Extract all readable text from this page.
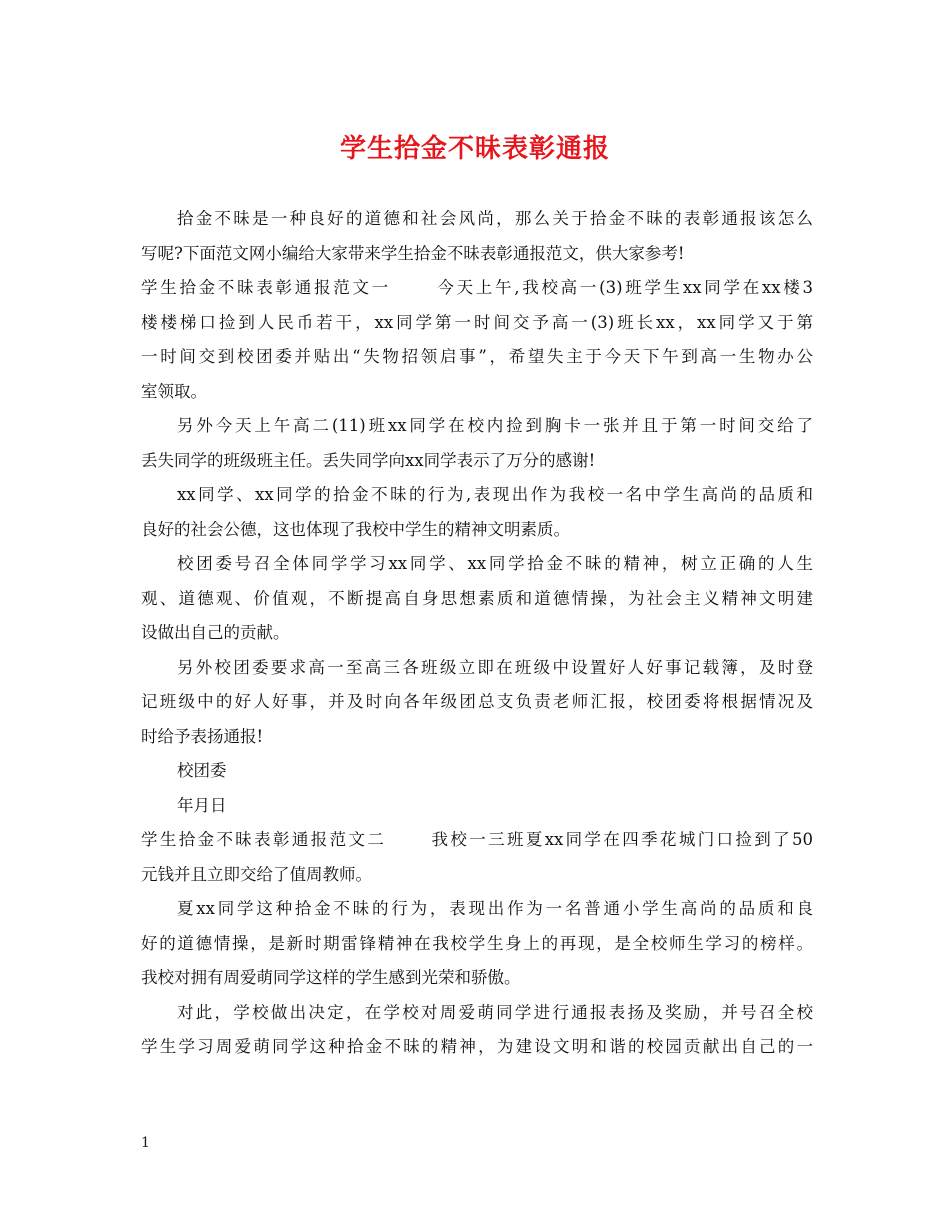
学生拾金不昧表彰通报

拾金不昧是一种良好的道德和社会风尚，那么关于拾金不昧的表彰通报该怎么

写呢?下面范文网小编给大家带来学生拾金不昧表彰通报范文，供大家参考!

学生拾金不昧表彰通报范文一　　 今天上午,我校高一(3)班学生xx同学在xx楼3

楼楼梯口捡到人民币若干，xx同学第一时间交予高一(3)班长xx，xx同学又于第

一时间交到校团委并贴出“失物招领启事”，希望失主于今天下午到高一生物办公

室领取。

另外今天上午高二(11)班xx同学在校内捡到胸卡一张并且于第一时间交给了

丢失同学的班级班主任。丢失同学向xx同学表示了万分的感谢!

xx同学、xx同学的拾金不昧的行为,表现出作为我校一名中学生高尚的品质和

良好的社会公德，这也体现了我校中学生的精神文明素质。

校团委号召全体同学学习xx同学、xx同学拾金不昧的精神，树立正确的人生

观、道德观、价值观，不断提高自身思想素质和道德情操，为社会主义精神文明建

设做出自己的贡献。

另外校团委要求高一至高三各班级立即在班级中设置好人好事记载簿，及时登

记班级中的好人好事，并及时向各年级团总支负责老师汇报，校团委将根据情况及

时给予表扬通报!

校团委

年月日

学生拾金不昧表彰通报范文二　　 我校一三班夏xx同学在四季花城门口捡到了50

元钱并且立即交给了值周教师。

夏xx同学这种拾金不昧的行为，表现出作为一名普通小学生高尚的品质和良

好的道德情操，是新时期雷锋精神在我校学生身上的再现，是全校师生学习的榜样。

我校对拥有周爱萌同学这样的学生感到光荣和骄傲。

对此，学校做出决定，在学校对周爱萌同学进行通报表扬及奖励，并号召全校

学生学习周爱萌同学这种拾金不昧的精神，为建设文明和谐的校园贡献出自己的一

1
